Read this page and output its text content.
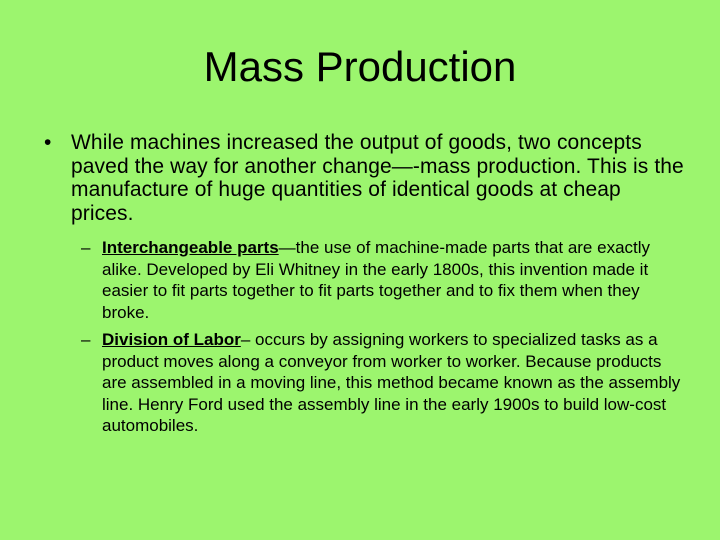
Mass Production
• While machines increased the output of goods, two concepts paved the way for another change—-mass production. This is the manufacture of huge quantities of identical goods at cheap prices.
– Interchangeable parts—the use of machine-made parts that are exactly alike. Developed by Eli Whitney in the early 1800s, this invention made it easier to fit parts together to fit parts together and to fix them when they broke.
– Division of Labor– occurs by assigning workers to specialized tasks as a product moves along a conveyor from worker to worker. Because products are assembled in a moving line, this method became known as the assembly line. Henry Ford used the assembly line in the early 1900s to build low-cost automobiles.
